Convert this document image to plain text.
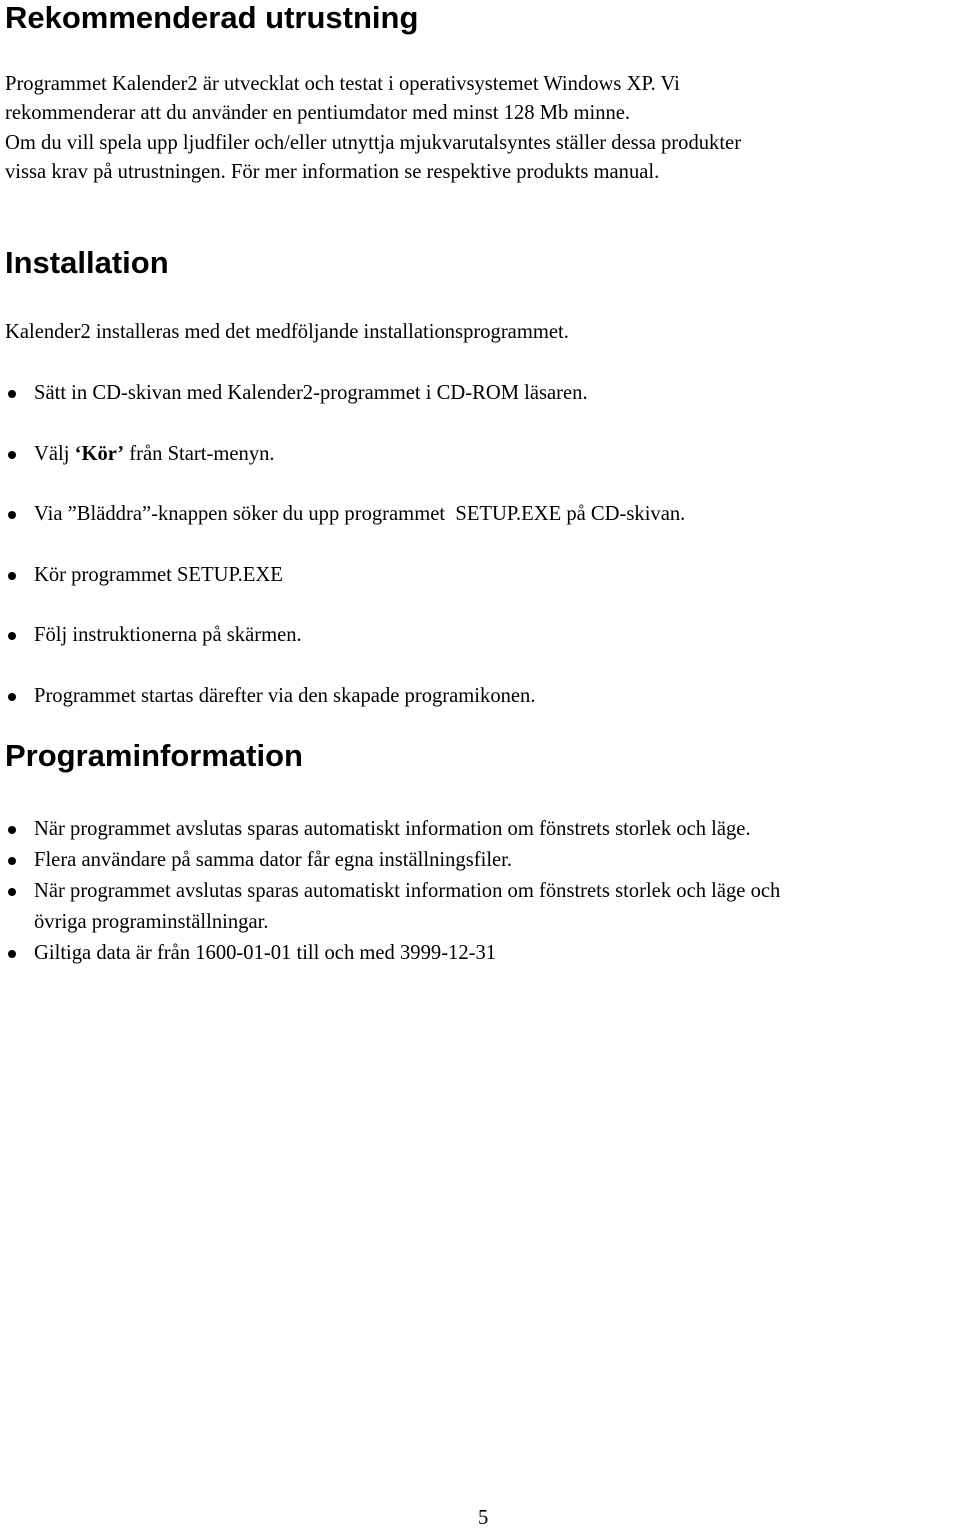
Rekommenderad utrustning
Programmet Kalender2 är utvecklat och testat i operativsystemet Windows XP. Vi
rekommenderar att du använder en pentiumdator med minst 128 Mb minne.
Om du vill spela upp ljudfiler och/eller utnyttja mjukvarutalsyntes ställer dessa produkter
vissa krav på utrustningen. För mer information se respektive produkts manual.
Installation
Kalender2 installeras med det medföljande installationsprogrammet.
Sätt in CD-skivan med Kalender2-programmet i CD-ROM läsaren.
Välj ‘Kör’ från Start-menyn.
Via ”Bläddra”-knappen söker du upp programmet  SETUP.EXE på CD-skivan.
Kör programmet SETUP.EXE
Följ instruktionerna på skärmen.
Programmet startas därefter via den skapade programikonen.
Programinformation
När programmet avslutas sparas automatiskt information om fönstrets storlek och läge.
Flera användare på samma dator får egna inställningsfiler.
När programmet avslutas sparas automatiskt information om fönstrets storlek och läge och
övriga programinställningar.
Giltiga data är från 1600-01-01 till och med 3999-12-31
5
